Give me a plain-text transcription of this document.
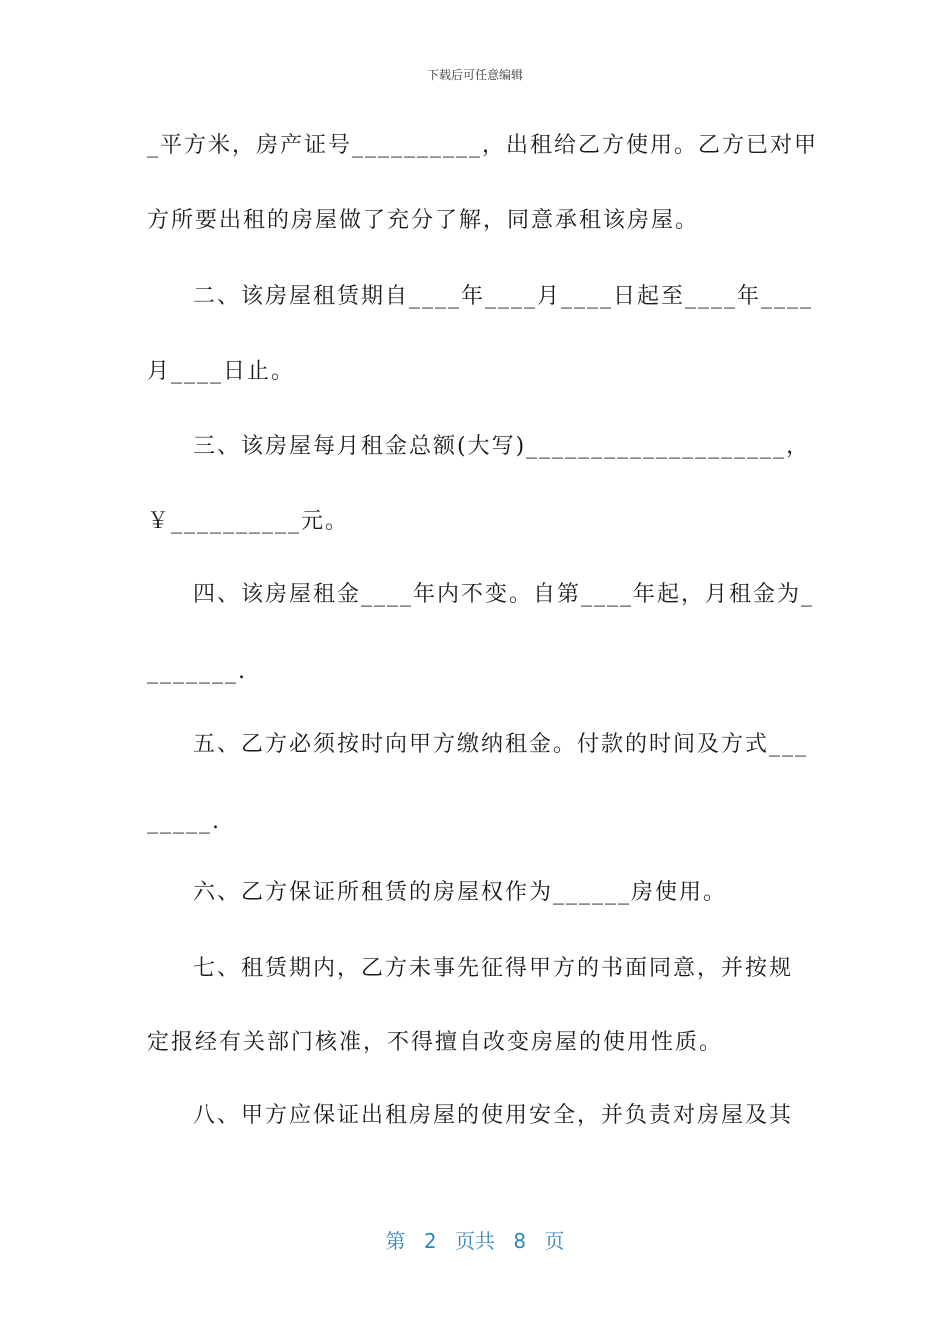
下载后可任意编辑
_平方米，房产证号__________，出租给乙方使用。乙方已对甲
方所要出租的房屋做了充分了解，同意承租该房屋。
二、该房屋租赁期自____年____月____日起至____年____
月____日止。
三、该房屋每月租金总额(大写)____________________，
￥__________元。
四、该房屋租金____年内不变。自第____年起，月租金为_
_______.
五、乙方必须按时向甲方缴纳租金。付款的时间及方式___
_____.
六、乙方保证所租赁的房屋权作为______房使用。
七、租赁期内，乙方未事先征得甲方的书面同意，并按规
定报经有关部门核准，不得擅自改变房屋的使用性质。
八、甲方应保证出租房屋的使用安全，并负责对房屋及其
第 2 页共 8 页
